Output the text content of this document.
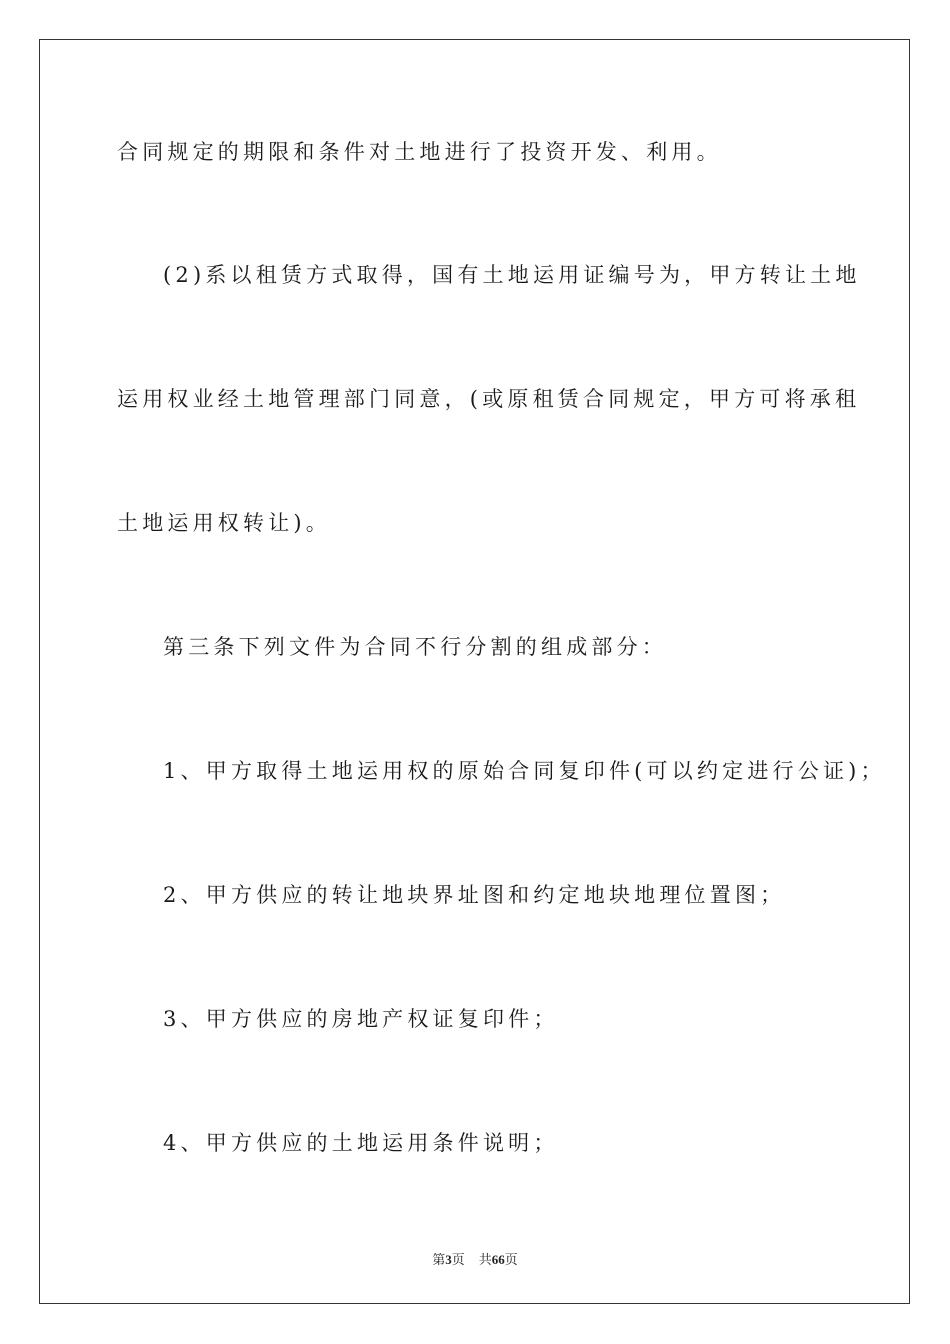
合同规定的期限和条件对土地进行了投资开发、利用。
(2)系以租赁方式取得，国有土地运用证编号为，甲方转让土地
运用权业经土地管理部门同意，(或原租赁合同规定，甲方可将承租
土地运用权转让)。
第三条下列文件为合同不行分割的组成部分：
1、甲方取得土地运用权的原始合同复印件(可以约定进行公证)；
2、甲方供应的转让地块界址图和约定地块地理位置图；
3、甲方供应的房地产权证复印件；
4、甲方供应的土地运用条件说明；
第3页 共66页
